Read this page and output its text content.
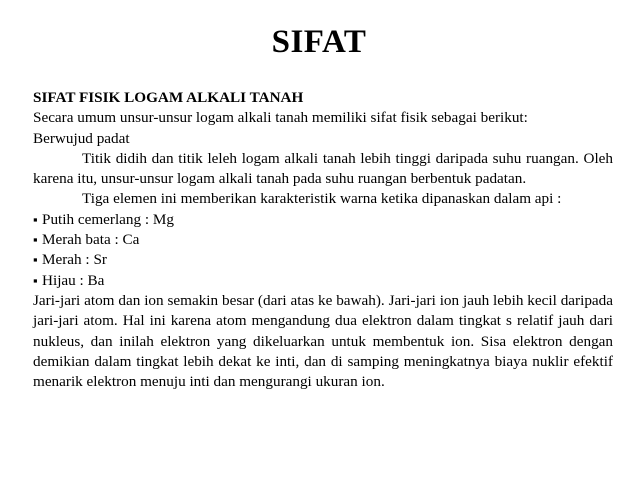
SIFAT

SIFAT FISIK LOGAM ALKALI TANAH

Secara umum unsur-unsur logam alkali tanah memiliki sifat fisik sebagai berikut:

Berwujud padat

Titik didih dan titik leleh logam alkali tanah lebih tinggi daripada suhu ruangan. Oleh karena itu, unsur-unsur logam alkali tanah pada suhu ruangan berbentuk padatan.

Tiga elemen ini memberikan karakteristik warna ketika dipanaskan dalam api :

▪ Putih cemerlang : Mg

▪ Merah bata : Ca

▪ Merah : Sr

▪ Hijau : Ba

Jari-jari atom dan ion semakin besar (dari atas ke bawah). Jari-jari ion jauh lebih kecil daripada jari-jari atom. Hal ini karena atom mengandung dua elektron dalam tingkat s relatif jauh dari nukleus, dan inilah elektron yang dikeluarkan untuk membentuk ion. Sisa elektron dengan demikian dalam tingkat lebih dekat ke inti, dan di samping meningkatnya biaya nuklir efektif menarik elektron menuju inti dan mengurangi ukuran ion.
